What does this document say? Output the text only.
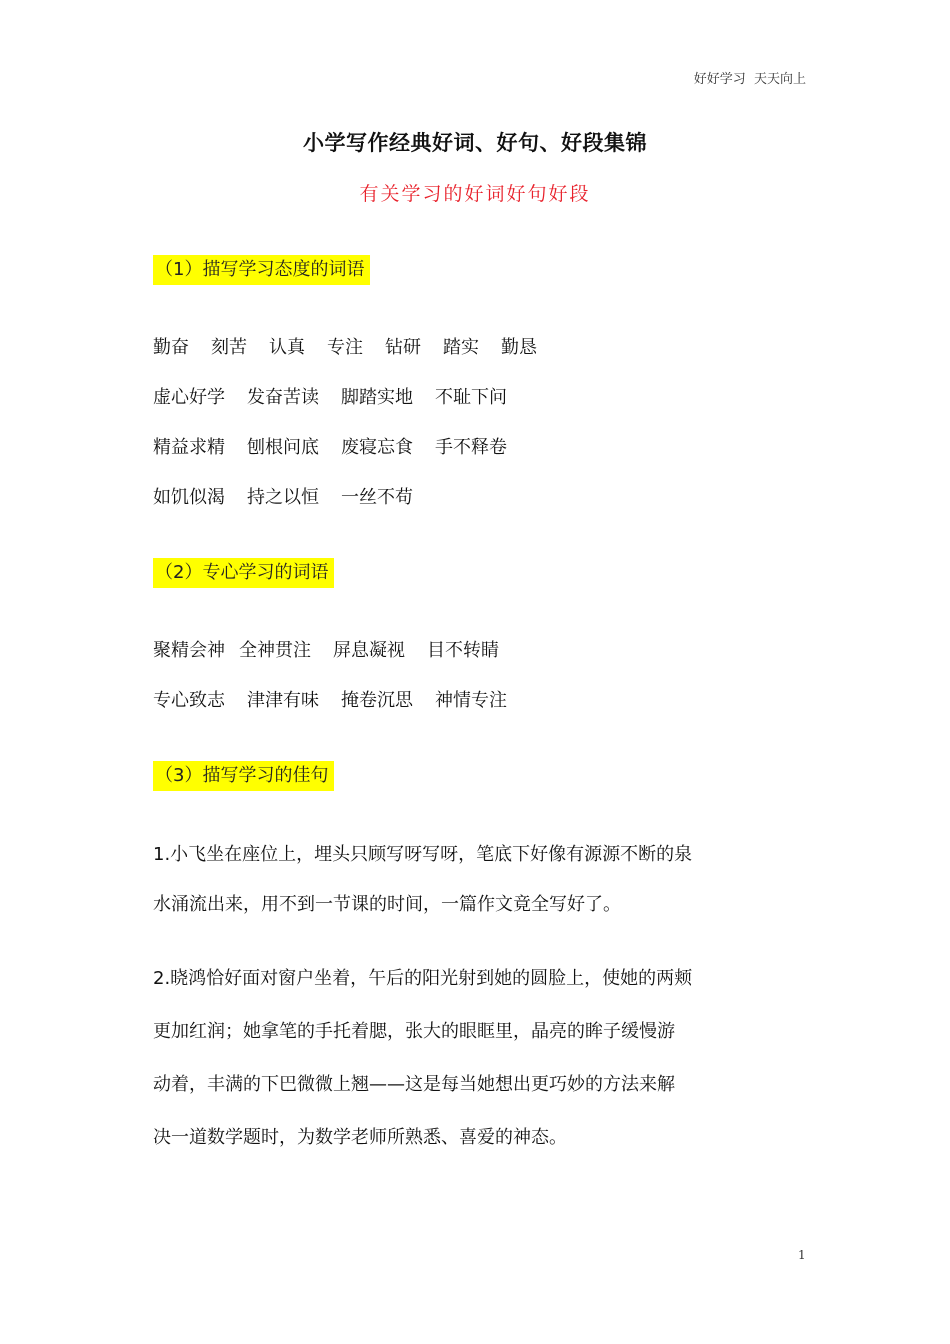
好好学习  天天向上
小学写作经典好词、好句、好段集锦
有关学习的好词好句好段
（1）描写学习态度的词语
勤奋 刻苦 认真 专注 钻研 踏实 勤恳
虚心好学 发奋苦读 脚踏实地 不耻下问
精益求精 刨根问底 废寝忘食 手不释卷
如饥似渴 持之以恒 一丝不苟
（2）专心学习的词语
聚精会神 全神贯注 屏息凝视 目不转睛
专心致志 津津有味 掩卷沉思 神情专注
（3）描写学习的佳句
1.小飞坐在座位上，埋头只顾写呀写呀，笔底下好像有源源不断的泉
水涌流出来，用不到一节课的时间，一篇作文竟全写好了。
2.晓鸿恰好面对窗户坐着，午后的阳光射到她的圆脸上，使她的两颊
更加红润；她拿笔的手托着腮，张大的眼眶里，晶亮的眸子缓慢游
动着，丰满的下巴微微上翘——这是每当她想出更巧妙的方法来解
决一道数学题时，为数学老师所熟悉、喜爱的神态。
1
